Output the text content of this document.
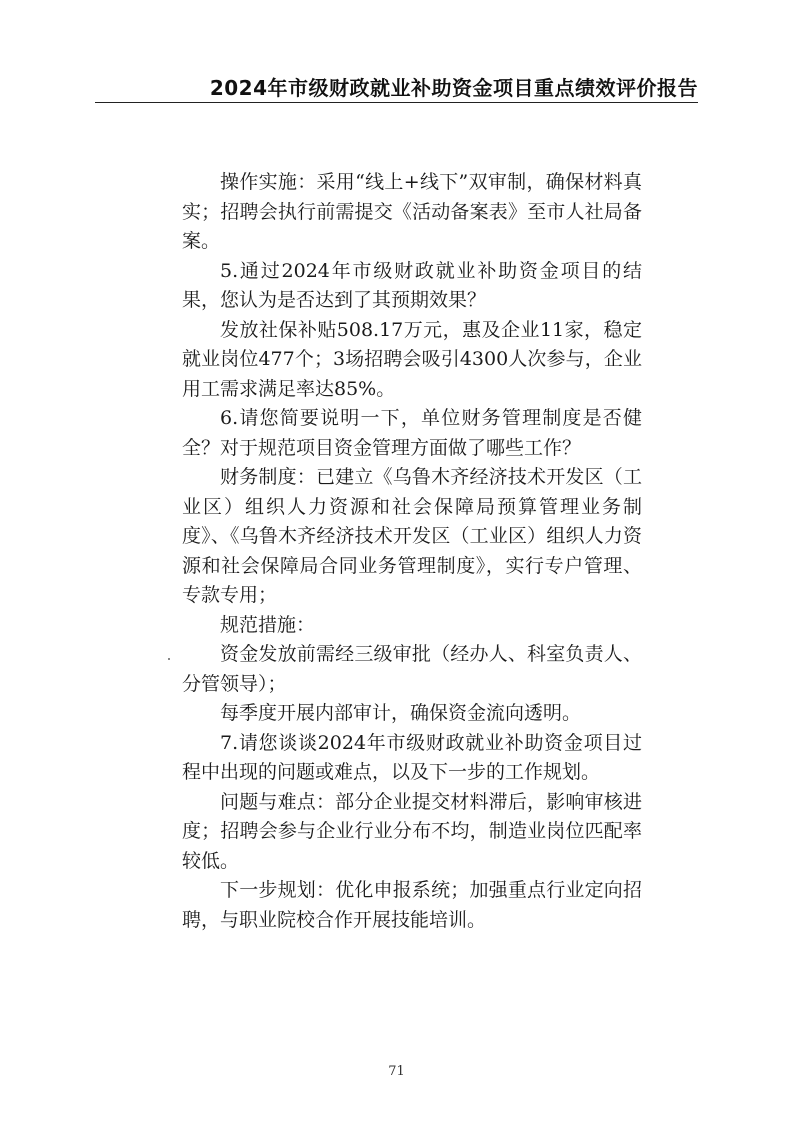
2024年市级财政就业补助资金项目重点绩效评价报告

操作实施：采用“线上+线下”双审制，确保材料真实；招聘会执行前需提交《活动备案表》至市人社局备案。

5.通过2024年市级财政就业补助资金项目的结果，您认为是否达到了其预期效果？

发放社保补贴508.17万元，惠及企业11家，稳定就业岗位477个；3场招聘会吸引4300人次参与，企业用工需求满足率达85%。

6.请您简要说明一下，单位财务管理制度是否健全？对于规范项目资金管理方面做了哪些工作？

财务制度：已建立《乌鲁木齐经济技术开发区（工业区）组织人力资源和社会保障局预算管理业务制度》、《乌鲁木齐经济技术开发区（工业区）组织人力资源和社会保障局合同业务管理制度》，实行专户管理、专款专用；

规范措施：

资金发放前需经三级审批（经办人、科室负责人、分管领导）；

每季度开展内部审计，确保资金流向透明。

7.请您谈谈2024年市级财政就业补助资金项目过程中出现的问题或难点，以及下一步的工作规划。

问题与难点：部分企业提交材料滞后，影响审核进度；招聘会参与企业行业分布不均，制造业岗位匹配率较低。

下一步规划：优化申报系统；加强重点行业定向招聘，与职业院校合作开展技能培训。

71
